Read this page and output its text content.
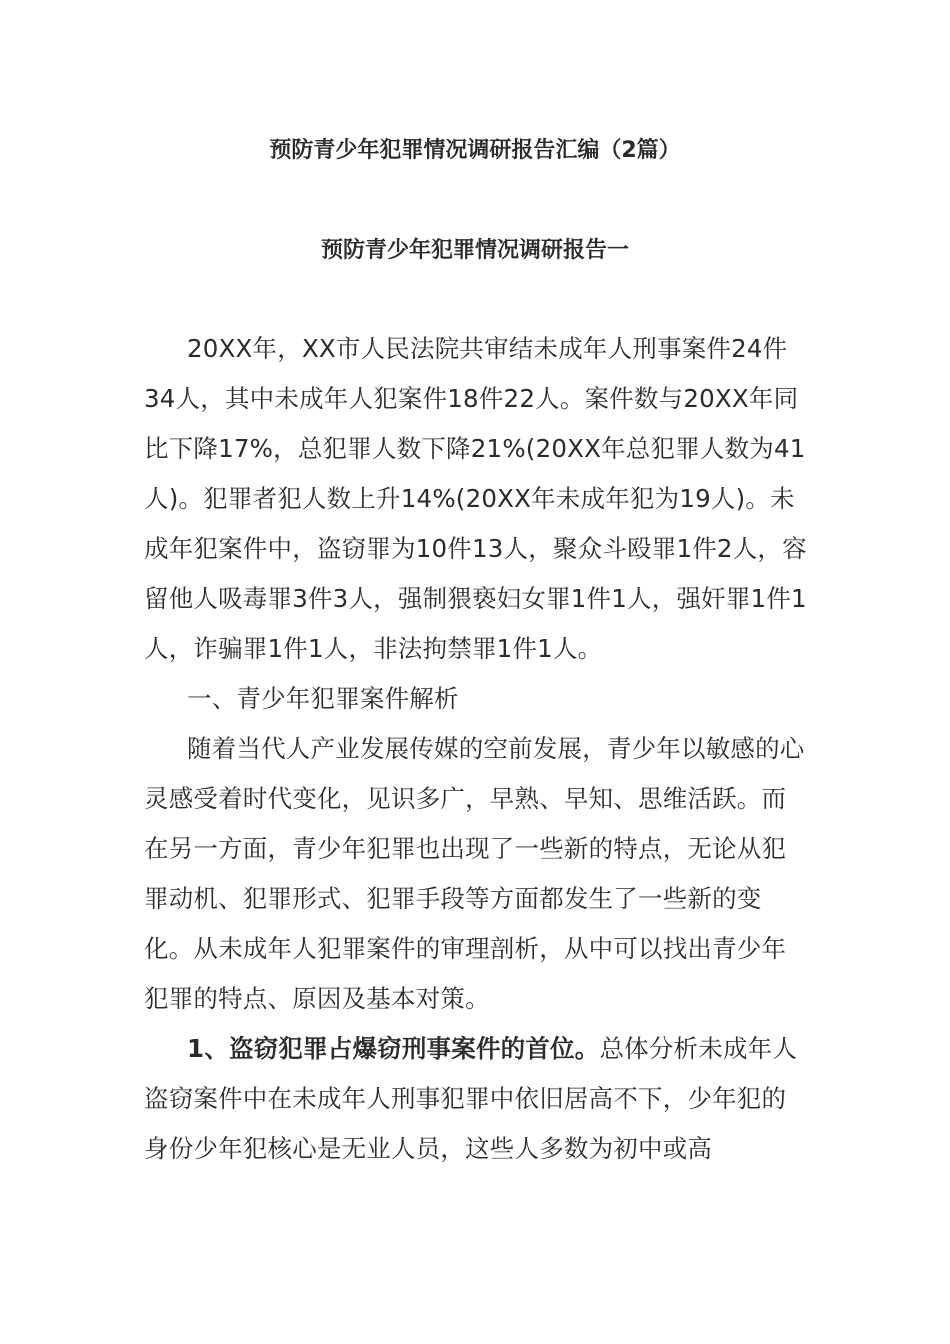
预防青少年犯罪情况调研报告汇编（2篇）
预防青少年犯罪情况调研报告一

20XX年，XX市人民法院共审结未成年人刑事案件24件34人，其中未成年人犯案件18件22人。案件数与20XX年同比下降17%，总犯罪人数下降21%(20XX年总犯罪人数为41人)。犯罪者犯人数上升14%(20XX年未成年犯为19人)。未成年犯案件中，盗窃罪为10件13人，聚众斗殴罪1件2人，容留他人吸毒罪3件3人，强制猥亵妇女罪1件1人，强奸罪1件1人，诈骗罪1件1人，非法拘禁罪1件1人。

一、青少年犯罪案件解析

随着当代人产业发展传媒的空前发展，青少年以敏感的心灵感受着时代变化，见识多广，早熟、早知、思维活跃。而在另一方面，青少年犯罪也出现了一些新的特点，无论从犯罪动机、犯罪形式、犯罪手段等方面都发生了一些新的变化。从未成年人犯罪案件的审理剖析，从中可以找出青少年犯罪的特点、原因及基本对策。

1、盗窃犯罪占爆窃刑事案件的首位。总体分析未成年人盗窃案件中在未成年人刑事犯罪中依旧居高不下，少年犯的身份少年犯核心是无业人员，这些人多数为初中或高
